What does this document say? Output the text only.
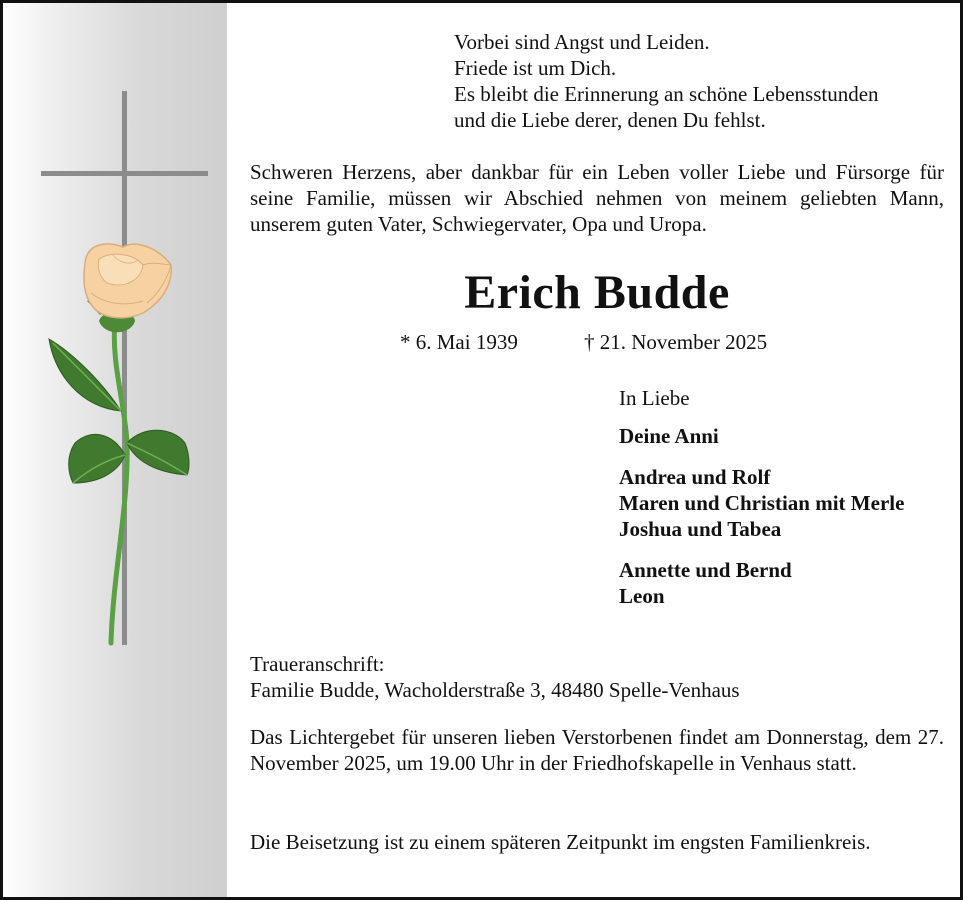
Vorbei sind Angst und Leiden.
Friede ist um Dich.
Es bleibt die Erinnerung an schöne Lebensstunden
und die Liebe derer, denen Du fehlst.
Schweren Herzens, aber dankbar für ein Leben voller Liebe und Fürsorge für seine Familie, müssen wir Abschied nehmen von meinem geliebten Mann, unserem guten Vater, Schwiegervater, Opa und Uropa.
Erich Budde
* 6. Mai 1939	† 21. November 2025
In Liebe
Deine Anni
Andrea und Rolf
Maren und Christian mit Merle
Joshua und Tabea
Annette und Bernd
Leon
Traueranschrift:
Familie Budde, Wacholderstraße 3, 48480 Spelle-Venhaus
Das Lichtergebet für unseren lieben Verstorbenen findet am Donnerstag, dem 27. November 2025, um 19.00 Uhr in der Friedhofskapelle in Venhaus statt.
Die Beisetzung ist zu einem späteren Zeitpunkt im engsten Familienkreis.
